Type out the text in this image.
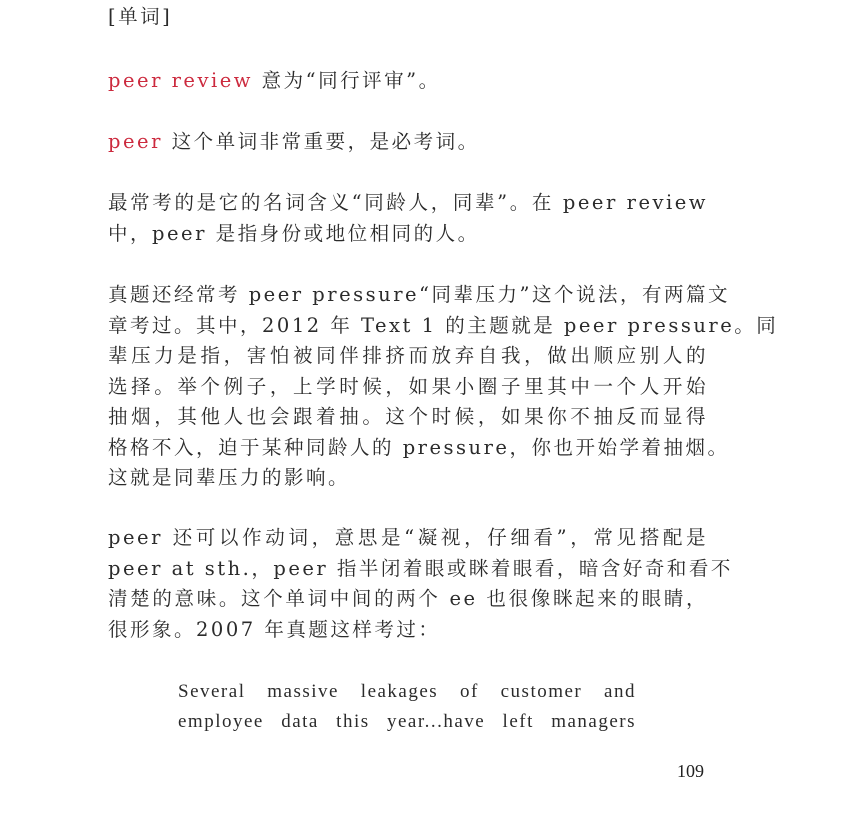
[单词]

peer review 意为“同行评审”。

peer 这个单词非常重要，是必考词。

最常考的是它的名词含义“同龄人，同辈”。在 peer review
中，peer 是指身份或地位相同的人。

真题还经常考 peer pressure“同辈压力”这个说法，有两篇文
章考过。其中，2012 年 Text 1 的主题就是 peer pressure。同
辈压力是指，害怕被同伴排挤而放弃自我，做出顺应别人的
选择。举个例子，上学时候，如果小圈子里其中一个人开始
抽烟，其他人也会跟着抽。这个时候，如果你不抽反而显得
格格不入，迫于某种同龄人的 pressure，你也开始学着抽烟。
这就是同辈压力的影响。

peer 还可以作动词，意思是“凝视，仔细看”，常见搭配是
peer at sth.，peer 指半闭着眼或眯着眼看，暗含好奇和看不
清楚的意味。这个单词中间的两个 ee 也很像眯起来的眼睛，
很形象。2007 年真题这样考过：

Several massive leakages of customer and
employee data this year...have left managers

109
